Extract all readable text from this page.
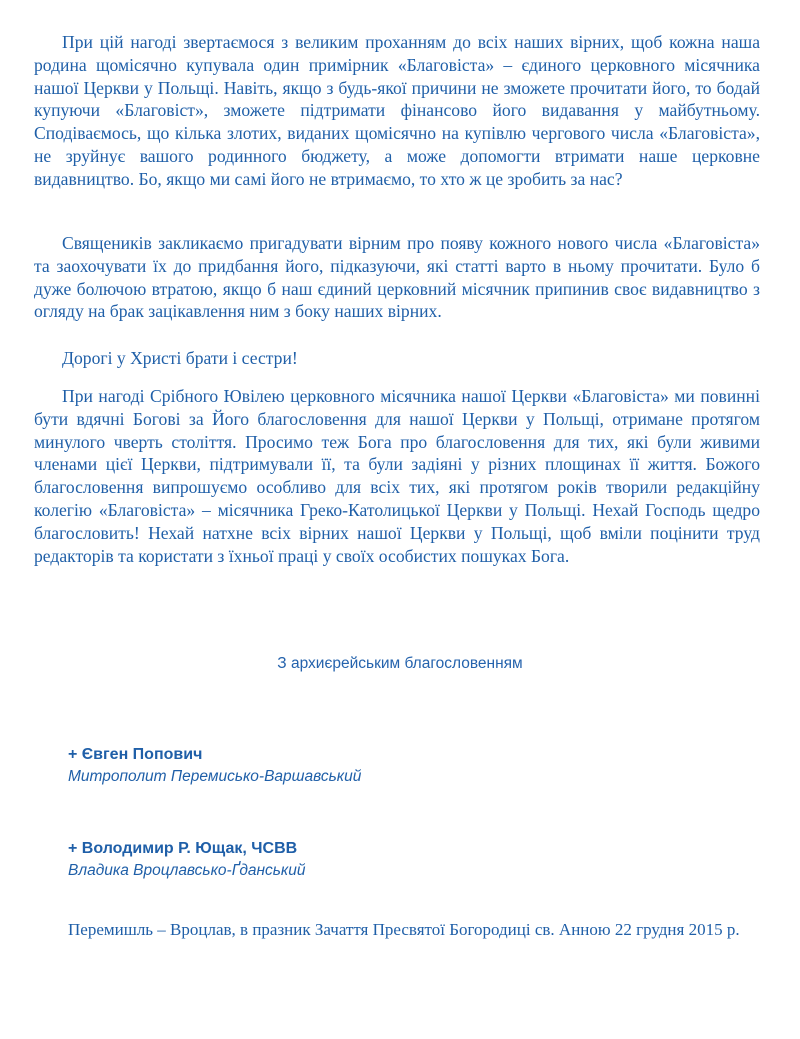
При цій нагоді звертаємося з великим проханням до всіх наших вірних, щоб кожна наша родина щомісячно купувала один примірник «Благовіста» – єдиного церковного місячника нашої Церкви у Польщі. Навіть, якщо з будь-якої причини не зможете прочитати його, то бодай купуючи «Благовіст», зможете підтримати фінансово його видавання у майбутньому. Сподіваємось, що кілька злотих, виданих щомісячно на купівлю чергового числа «Благовіста», не зруйнує вашого родинного бюджету, а може допомогти втримати наше церковне видавництво. Бо, якщо ми самі його не втримаємо, то хто ж це зробить за нас?

Священиків закликаємо пригадувати вірним про появу кожного нового числа «Благовіста» та заохочувати їх до придбання його, підказуючи, які статті варто в ньому прочитати. Було б дуже болючою втратою, якщо б наш єдиний церковний місячник припинив своє видавництво з огляду на брак зацікавлення ним з боку наших вірних.

Дорогі у Христі брати і сестри!

При нагоді Срібного Ювілею церковного місячника нашої Церкви «Благовіста» ми повинні бути вдячні Богові за Його благословення для нашої Церкви у Польщі, отримане протягом минулого чверть століття. Просимо теж Бога про благословення для тих, які були живими членами цієї Церкви, підтримували її, та були задіяні у різних площинах її життя. Божого благословення випрошуємо особливо для всіх тих, які протягом років творили редакційну колегію «Благовіста» – місячника Греко-Католицької Церкви у Польщі. Нехай Господь щедро благословить! Нехай натхне всіх вірних нашої Церкви у Польщі, щоб вміли поцінити труд редакторів та користати з їхньої праці у своїх особистих пошуках Бога.

З архиєрейським благословенням

+ Євген Попович

Митрополит Перемисько-Варшавський

+ Володимир Р. Ющак, ЧСВВ

Владика Вроцлавсько-Ґданський

Перемишль – Вроцлав, в празник Зачаття Пресвятої Богородиці св. Анною 22 грудня 2015 р.
